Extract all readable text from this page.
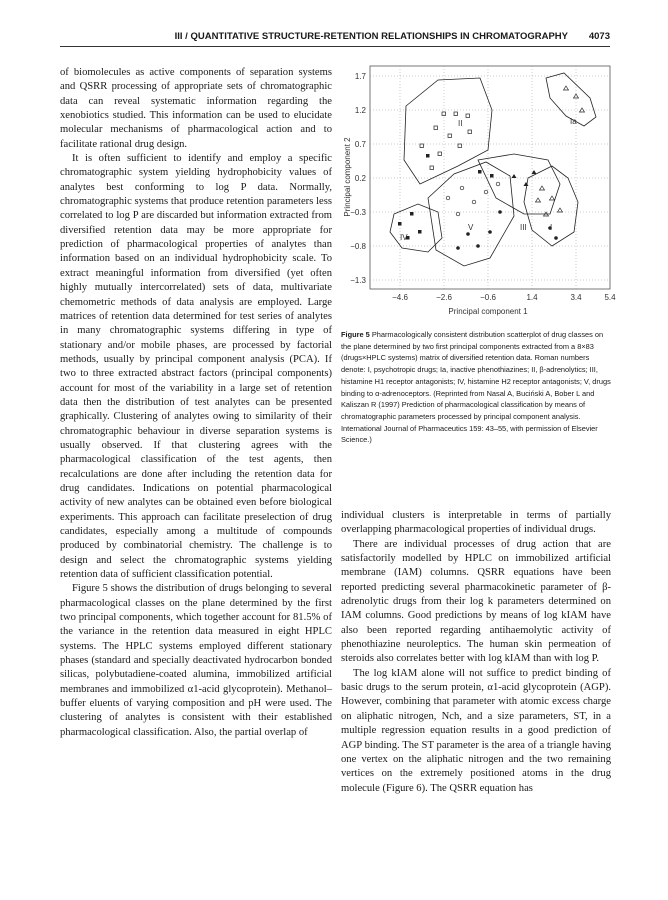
III / QUANTITATIVE STRUCTURE-RETENTION RELATIONSHIPS IN CHROMATOGRAPHY 4073

of biomolecules as active components of separation systems and QSRR processing of appropriate sets of chromatographic data can reveal systematic information regarding the xenobiotics studied. This information can be used to elucidate molecular mechanisms of pharmacological action and to facilitate rational drug design.

It is often sufficient to identify and employ a specific chromatographic system yielding hydrophobicity values of analytes best conforming to log P data. Normally, chromatographic systems that produce retention parameters less correlated to log P are discarded but information extracted from diversified retention data may be more appropriate for prediction of pharmacological properties of analytes than information based on an individual hydrophobicity scale. To extract meaningful information from diversified (yet often highly mutually intercorrelated) sets of data, multivariate chemometric methods of data analysis are employed. Large matrices of retention data determined for test series of analytes in many chromatographic systems differing in type of stationary and/or mobile phases, are processed by factorial methods, usually by principal component analysis (PCA). If two to three extracted abstract factors (principal components) account for most of the variability in a large set of retention data then the distribution of test analytes can be presented graphically. Clustering of analytes owing to similarity of their chromatographic behaviour in diverse separation systems is usually observed. If that clustering agrees with the pharmacological classification of the test agents, then recalculations are done after including the retention data for drug candidates. Indications on potential pharmacological activity of new analytes can be obtained even before biological experiments. This approach can facilitate preselection of drug candidates, especially among a multitude of compounds produced by combinatorial chemistry. The challenge is to design and select the chromatographic systems yielding retention data of sufficient classification potential.

Figure 5 shows the distribution of drugs belonging to several pharmacological classes on the plane determined by the first two principal components, which together account for 81.5% of the variance in the retention data measured in eight HPLC systems. The HPLC systems employed different stationary phases (standard and specially deactivated hydrocarbon bonded silicas, polybutadiene-coated alumina, immobilized artificial membranes and immobilized α1-acid glycoprotein). Methanol–buffer eluents of varying composition and pH were used. The clustering of analytes is consistent with their established pharmacological classification. Also, the partial overlap of

1.7
1.2
0.7
0.2
−0.3
−0.8
−1.3
−4.6	−2.6	−0.6	1.4	3.4	5.4
Principal component 1
Principal component 2
Ia
II
V	III	I
IV
Figure 5 Pharmacologically consistent distribution scatterplot of drug classes on the plane determined by two first principal components extracted from a 8×83 (drugs×HPLC systems) matrix of diversified retention data. Roman numbers denote: I, psychotropic drugs; Ia, inactive phenothiazines; II, β-adrenolytics; III, histamine H1 receptor antagonists; IV, histamine H2 receptor antagonists; V, drugs binding to α-adrenoceptors. (Reprinted from Nasal A, Buciński A, Bober L and Kaliszan R (1997) Prediction of pharmacological classification by means of chromatographic parameters processed by principal component analysis. International Journal of Pharmaceutics 159: 43–55, with permission of Elsevier Science.)

individual clusters is interpretable in terms of partially overlapping pharmacological properties of individual drugs.

There are individual processes of drug action that are satisfactorily modelled by HPLC on immobilized artificial membrane (IAM) columns. QSRR equations have been reported predicting several pharmacokinetic parameter of β-adrenolytic drugs from their log k parameters determined on IAM columns. Good predictions by means of log kIAM have also been reported regarding antihaemolytic activity of phenothiazine neuroleptics. The human skin permeation of steroids also correlates better with log kIAM than with log P.

The log kIAM alone will not suffice to predict binding of basic drugs to the serum protein, α1-acid glycoprotein (AGP). However, combining that parameter with atomic excess charge on aliphatic nitrogen, Nch, and a size parameters, ST, in a multiple regression equation results in a good prediction of AGP binding. The ST parameter is the area of a triangle having one vertex on the aliphatic nitrogen and the two remaining vertices on the extremely positioned atoms in the drug molecule (Figure 6). The QSRR equation has
